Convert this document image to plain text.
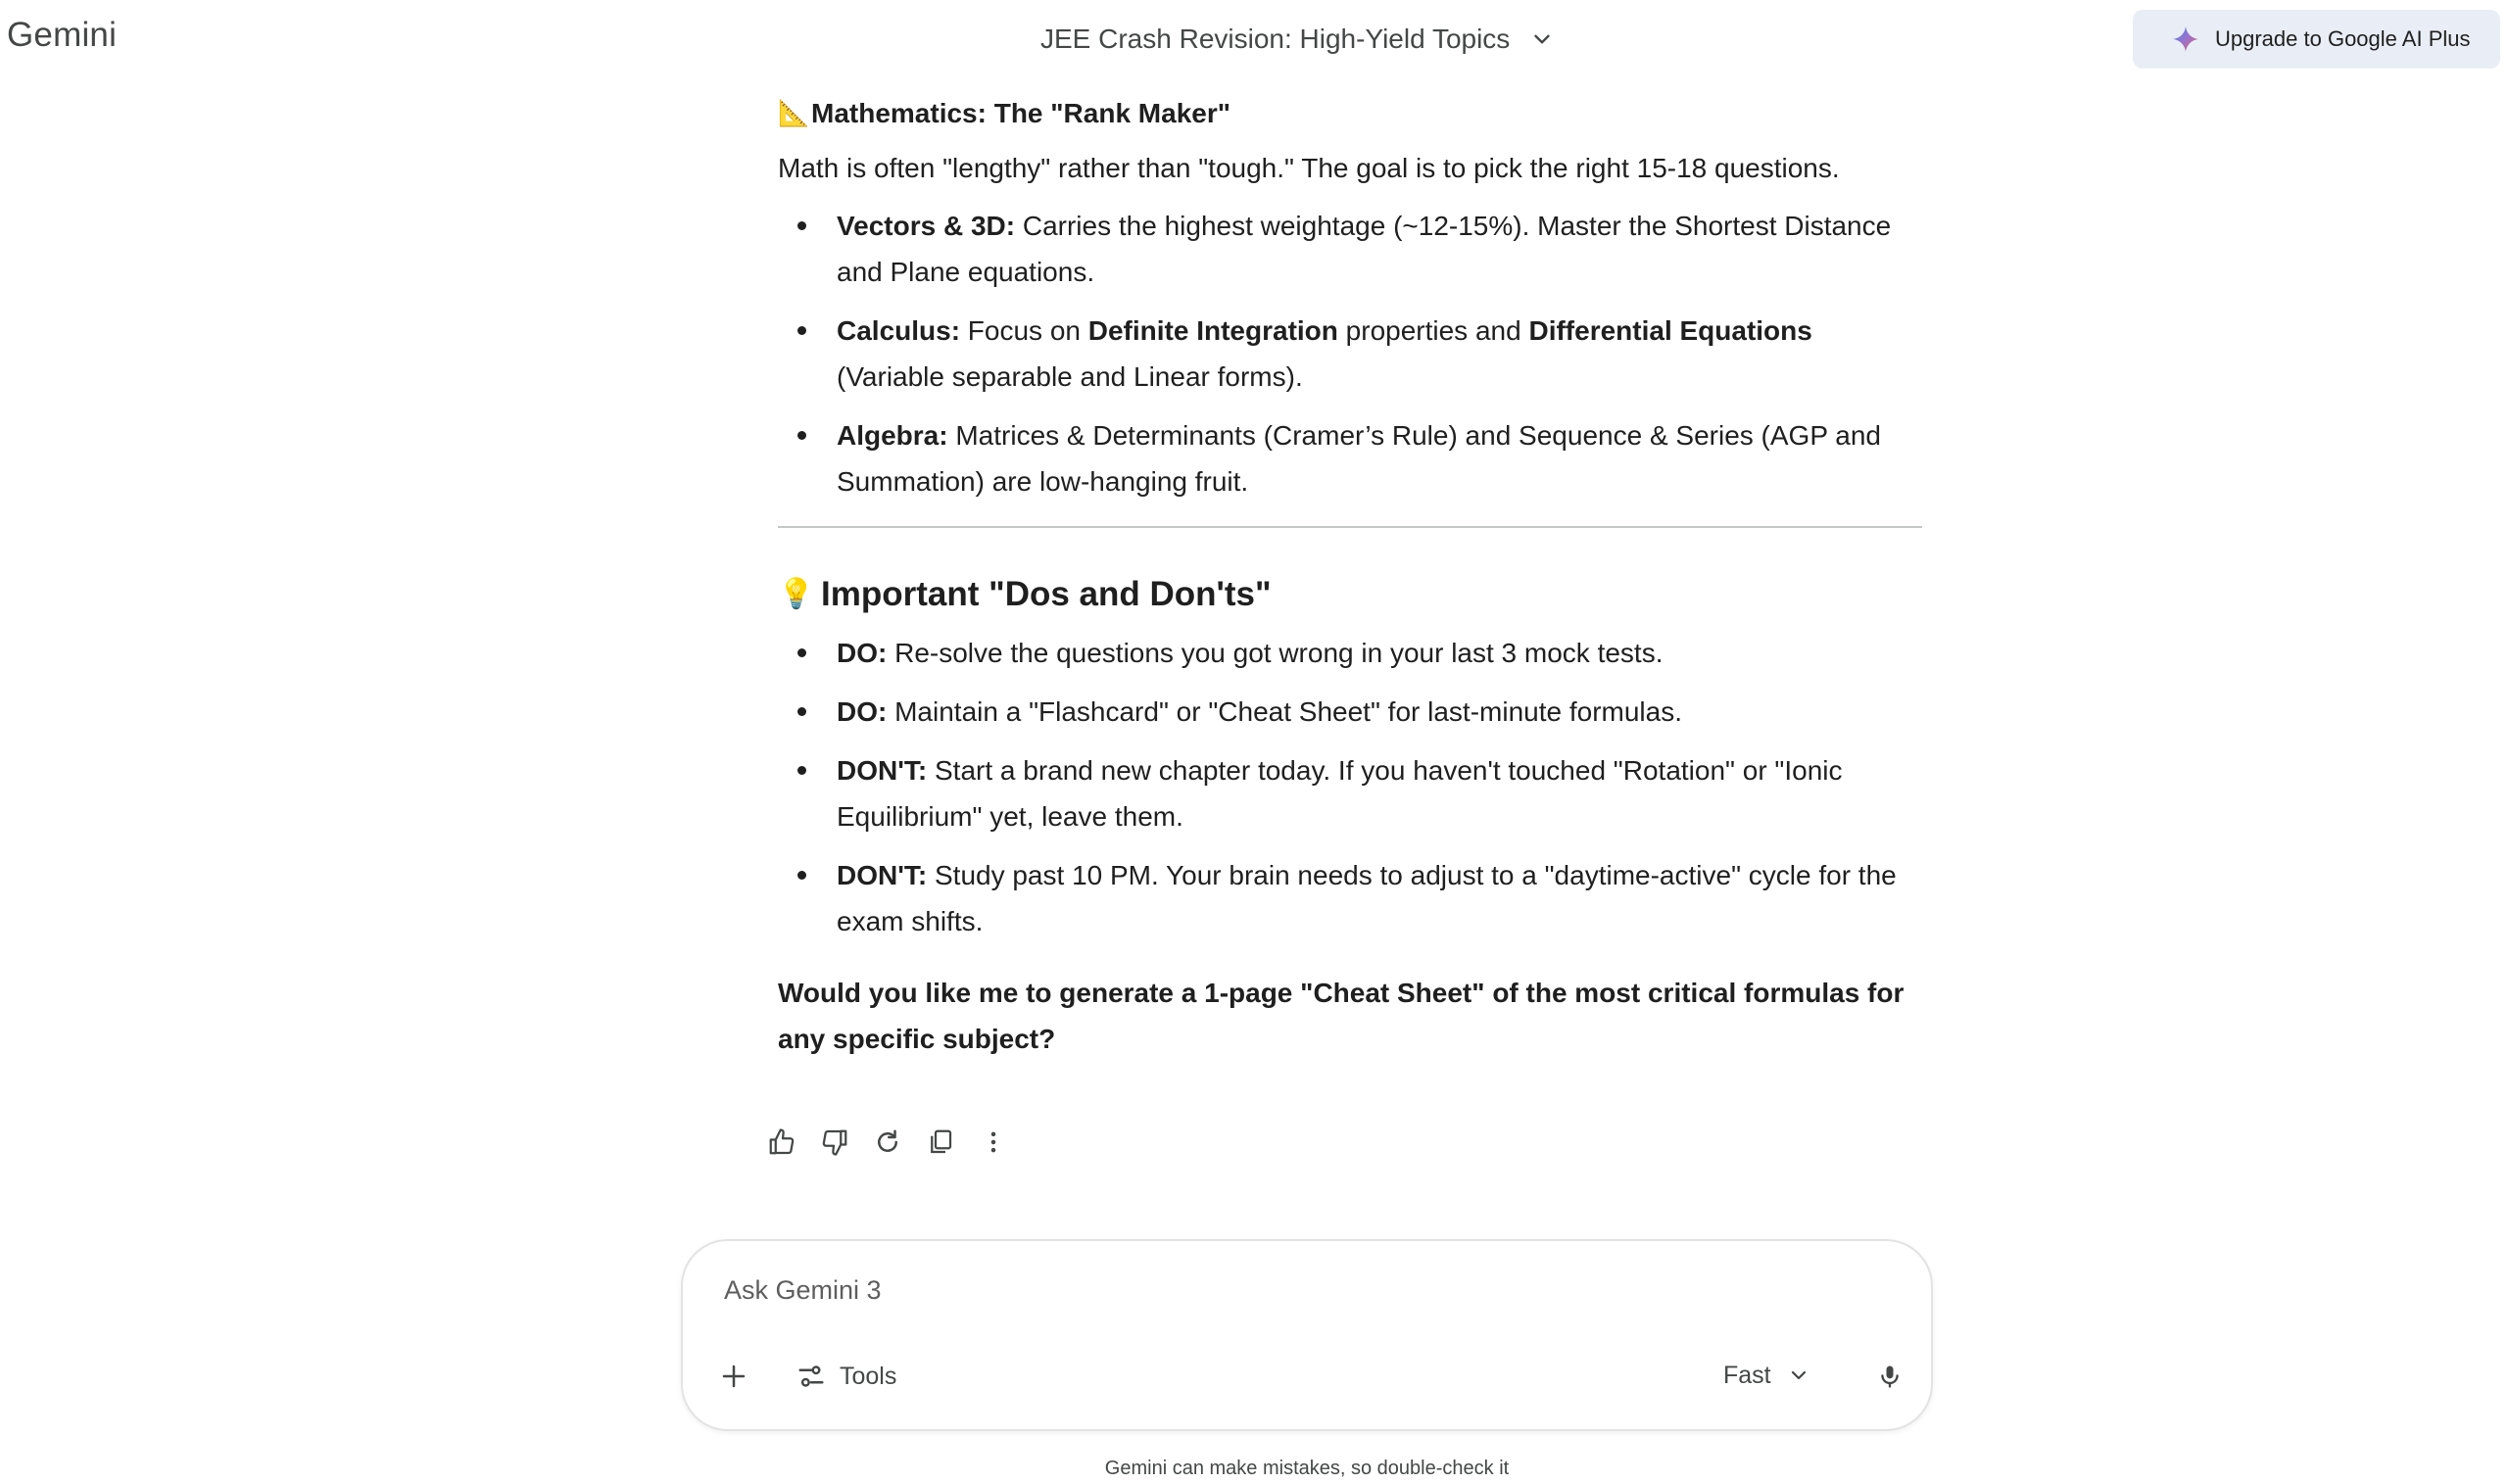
Gemini	JEE Crash Revision: High-Yield Topics	Upgrade to Google AI Plus
📐 Mathematics: The "Rank Maker"

Math is often "lengthy" rather than "tough." The goal is to pick the right 15-18 questions.

Vectors & 3D: Carries the highest weightage (~12-15%). Master the Shortest Distance and Plane equations.
Calculus: Focus on Definite Integration properties and Differential Equations (Variable separable and Linear forms).
Algebra: Matrices & Determinants (Cramer’s Rule) and Sequence & Series (AGP and Summation) are low-hanging fruit.
💡 Important "Dos and Don'ts"
DO: Re-solve the questions you got wrong in your last 3 mock tests.
DO: Maintain a "Flashcard" or "Cheat Sheet" for last-minute formulas.
DON'T: Start a brand new chapter today. If you haven't touched "Rotation" or "Ionic Equilibrium" yet, leave them.
DON'T: Study past 10 PM. Your brain needs to adjust to a "daytime-active" cycle for the exam shifts.

Would you like me to generate a 1-page "Cheat Sheet" of the most critical formulas for any specific subject?

Ask Gemini 3
Tools	Fast
Gemini can make mistakes, so double-check it
